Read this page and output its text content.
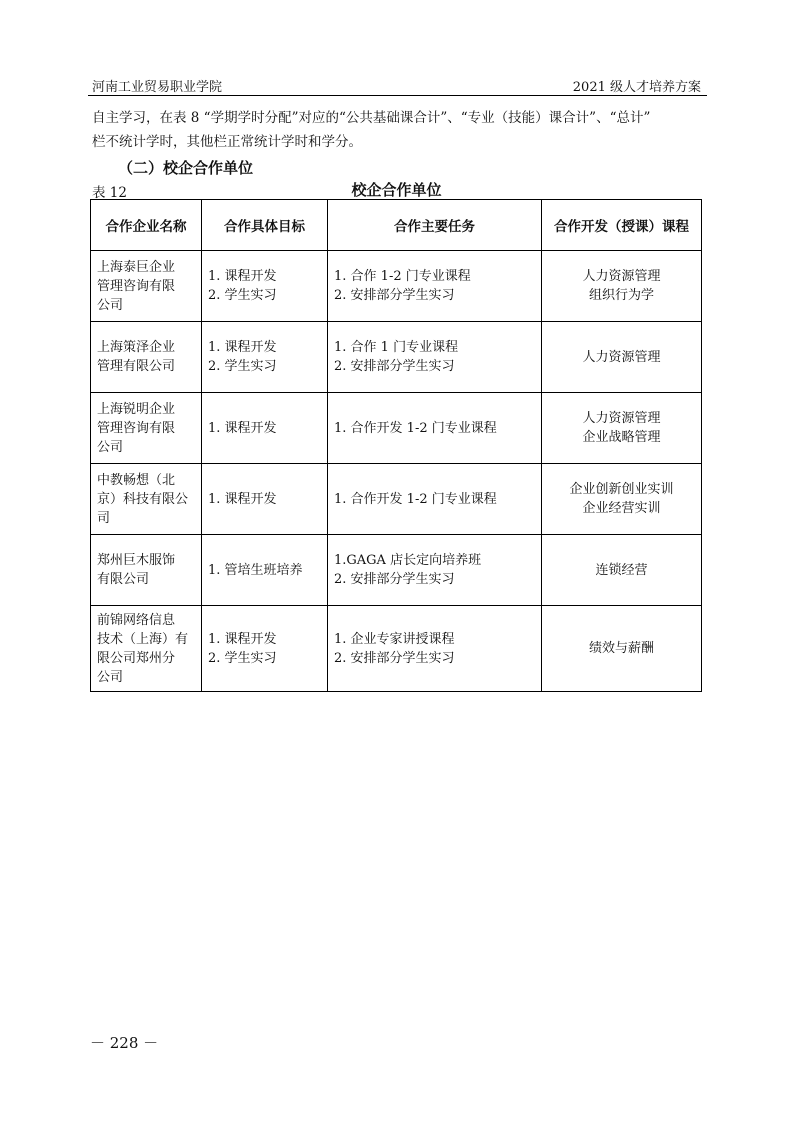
河南工业贸易职业学院	2021 级人才培养方案
自主学习，在表 8 “学期学时分配”对应的“公共基础课合计”、“专业（技能）课合计”、“总计”
栏不统计学时，其他栏正常统计学时和学分。
（二）校企合作单位
表 12	校企合作单位
合作企业名称	合作具体目标	合作主要任务	合作开发（授课）课程

上海泰巨企业
管理咨询有限
公司	1. 课程开发
2. 学生实习	1. 合作 1-2 门专业课程
2. 安排部分学生实习	人力资源管理
组织行为学

上海策泽企业
管理有限公司	1. 课程开发
2. 学生实习	1. 合作 1 门专业课程
2. 安排部分学生实习	人力资源管理

上海锐明企业
管理咨询有限
公司	1. 课程开发	1. 合作开发 1-2 门专业课程	人力资源管理
企业战略管理

中教畅想（北
京）科技有限公
司	1. 课程开发	1. 合作开发 1-2 门专业课程	企业创新创业实训
企业经营实训

郑州巨木服饰
有限公司	1. 管培生班培养	1.GAGA 店长定向培养班
2. 安排部分学生实习	连锁经营

前锦网络信息
技术（上海）有
限公司郑州分
公司	1. 课程开发
2. 学生实习	1. 企业专家讲授课程
2. 安排部分学生实习	绩效与薪酬
－ 228 －
